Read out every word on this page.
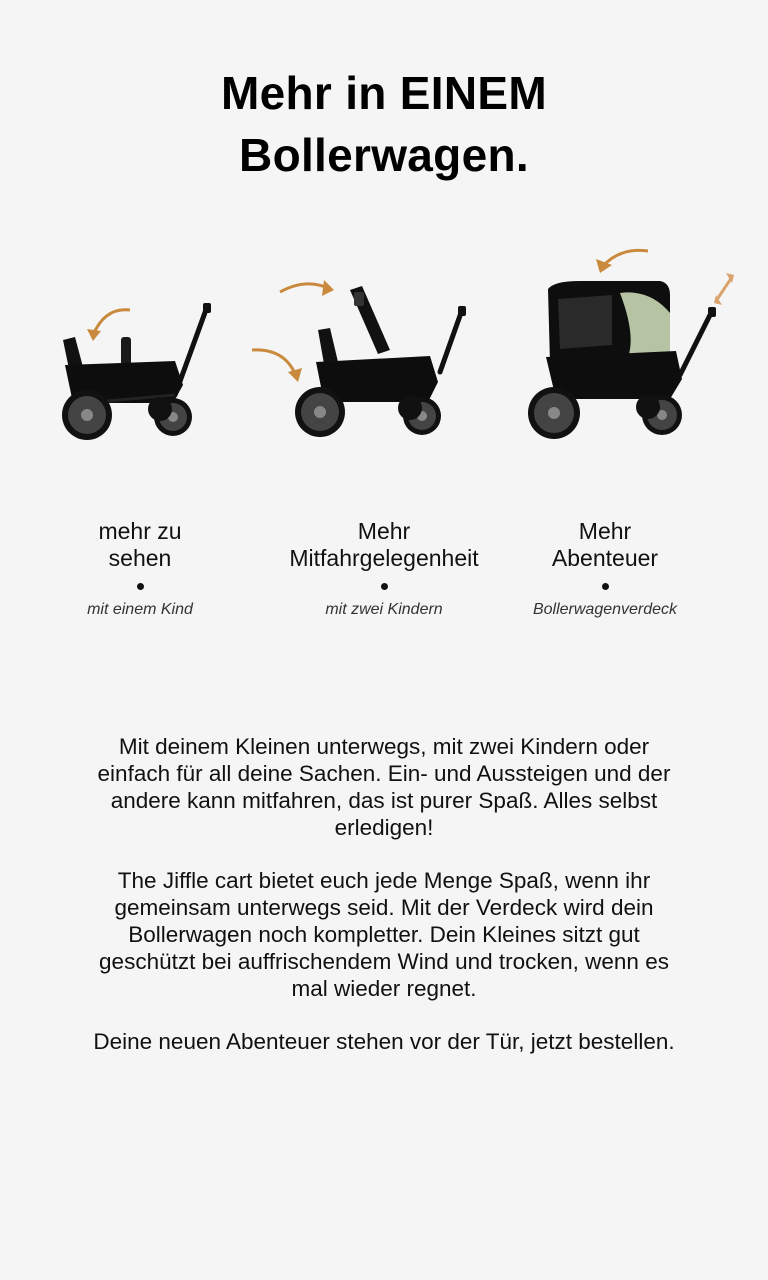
Mehr in EINEM
Bollerwagen.
mehr zu
sehen
mit einem Kind
Mehr
Mitfahrgelegenheit
mit zwei Kindern
Mehr
Abenteuer
Bollerwagenverdeck

Mit deinem Kleinen unterwegs, mit zwei Kindern oder einfach für all deine Sachen. Ein- und Aussteigen und der andere kann mitfahren, das ist purer Spaß. Alles selbst erledigen!

The Jiffle cart bietet euch jede Menge Spaß, wenn ihr gemeinsam unterwegs seid. Mit der Verdeck wird dein Bollerwagen noch kompletter. Dein Kleines sitzt gut geschützt bei auffrischendem Wind und trocken, wenn es mal wieder regnet.

Deine neuen Abenteuer stehen vor der Tür, jetzt bestellen.
